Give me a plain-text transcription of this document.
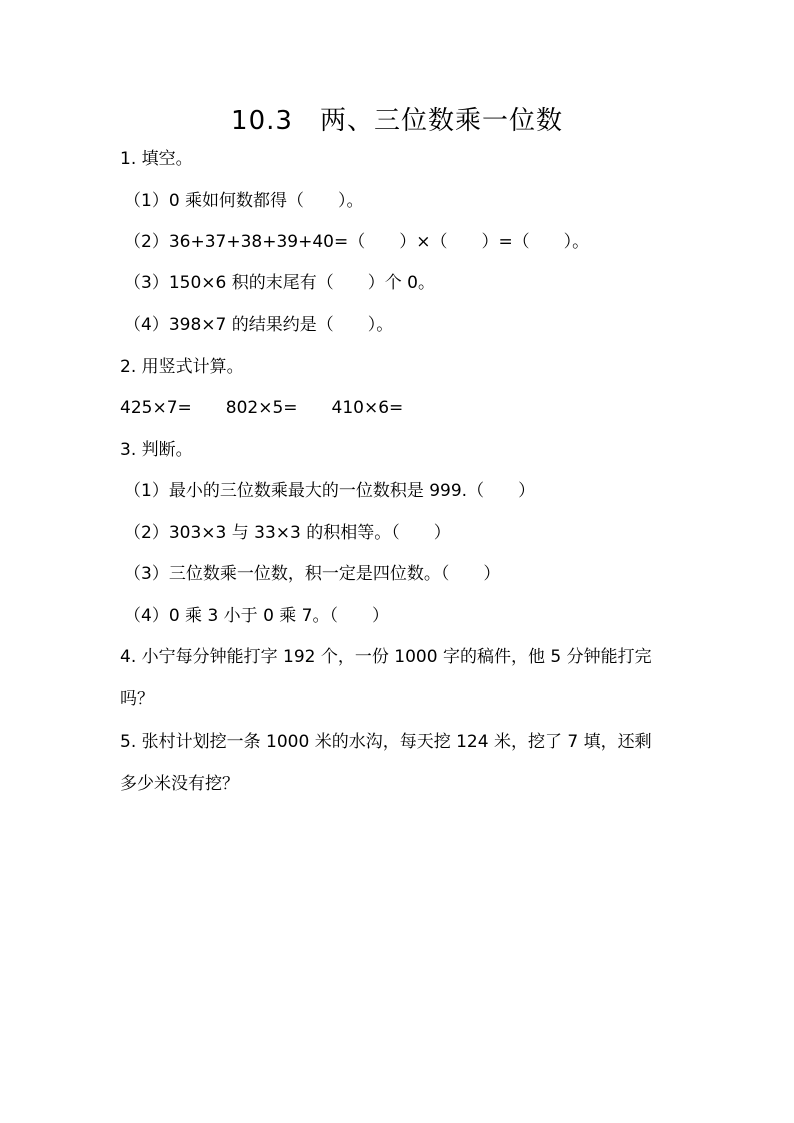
10.3　两、三位数乘一位数
1. 填空。
（1）0 乘如何数都得（　　）。
（2）36+37+38+39+40=（　　）×（　　）=（　　）。
（3）150×6 积的末尾有（　　）个 0。
（4）398×7 的结果约是（　　）。
2. 用竖式计算。
425×7=　　802×5=　　410×6=
3. 判断。
（1）最小的三位数乘最大的一位数积是 999.（　　）
（2）303×3 与 33×3 的积相等。（　　）
（3）三位数乘一位数，积一定是四位数。（　　）
（4）0 乘 3 小于 0 乘 7。（　　）
4. 小宁每分钟能打字 192 个，一份 1000 字的稿件，他 5 分钟能打完
吗？
5. 张村计划挖一条 1000 米的水沟，每天挖 124 米，挖了 7 填，还剩
多少米没有挖？
